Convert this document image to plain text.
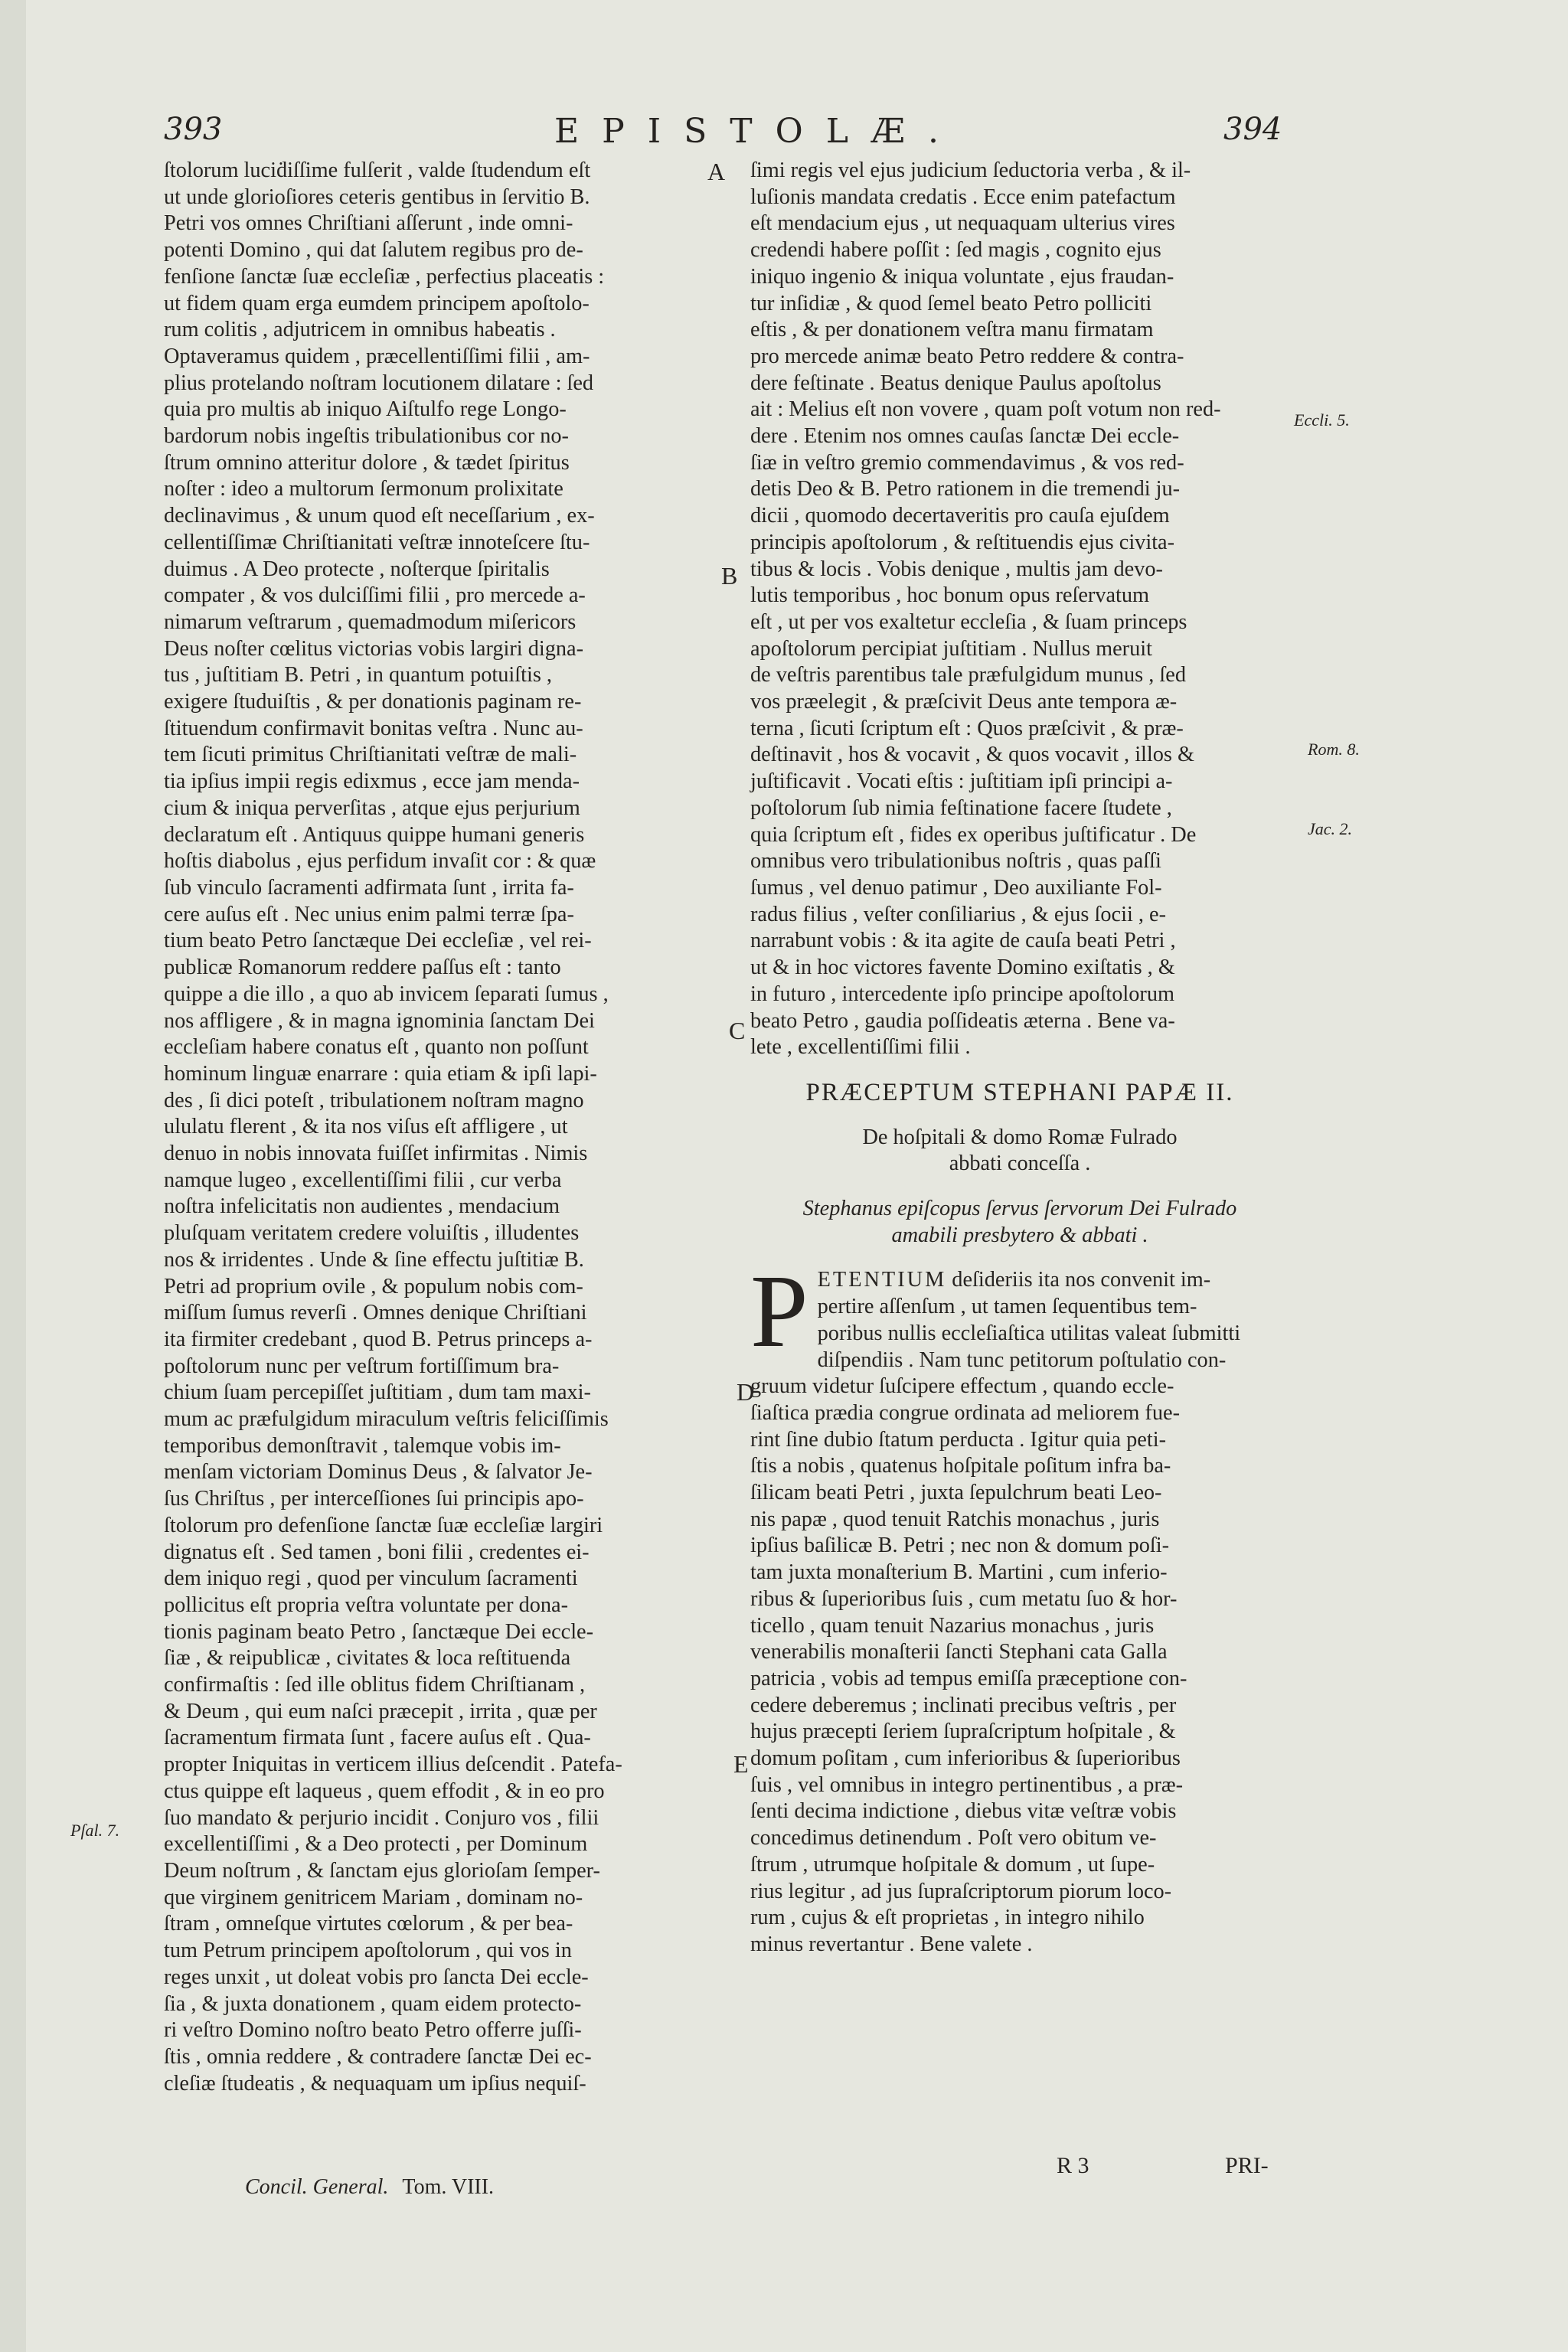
393	EPISTOLÆ.	394

ſtolorum luciḋiſſime fulſerit , valde ſtudendum eſt

ut unde glorioſiores ceteris gentibus in ſervitio B.

Petri vos omnes Chriſtiani aſſerunt , inde omni-

potenti Domino , qui dat ſalutem regibus pro de-

fenſione ſanctæ ſuæ eccleſiæ , perfectius placeatis :

ut fidem quam erga eumdem principem apoſtolo-

rum colitis , adjutricem in omnibus habeatis .

Optaveramus quidem , præcellentiſſimi filii , am-

plius protelando noſtram locutionem dilatare : ſed

quia pro multis ab iniquo Aiſtulfo rege Longo-

bardorum nobis ingeſtis tribulationibus cor no-

ſtrum omnino atteritur dolore , & tædet ſpiritus

noſter : ideo a multorum ſermonum prolixitate

declinavimus , & unum quod eſt neceſſarium , ex-

cellentiſſimæ Chriſtianitati veſtræ innoteſcere ſtu-

duimus . A Deo protecte , noſterque ſpiritalis

compater , & vos dulciſſimi filii , pro mercede a-

nimarum veſtrarum , quemadmodum miſericors

Deus noſter cœlitus victorias vobis largiri digna-

tus , juſtitiam B. Petri , in quantum potuiſtis ,

exigere ſtuduiſtis , & per donationis paginam re-

ſtituendum confirmavit bonitas veſtra . Nunc au-

tem ſicuti primitus Chriſtianitati veſtræ de mali-

tia ipſius impii regis edixmus , ecce jam menda-

cium & iniqua perverſitas , atque ejus perjurium

declaratum eſt . Antiquus quippe humani generis

hoſtis diabolus , ejus perfidum invaſit cor : & quæ

ſub vinculo ſacramenti adfirmata ſunt , irrita fa-

cere auſus eſt . Nec unius enim palmi terræ ſpa-

tium beato Petro ſanctæque Dei eccleſiæ , vel rei-

publicæ Romanorum reddere paſſus eſt : tanto

quippe a die illo , a quo ab invicem ſeparati ſumus ,

nos affligere , & in magna ignominia ſanctam Dei

eccleſiam habere conatus eſt , quanto non poſſunt

hominum linguæ enarrare : quia etiam & ipſi lapi-

des , ſi dici poteſt , tribulationem noſtram magno

ululatu flerent , & ita nos viſus eſt affligere , ut

denuo in nobis innovata fuiſſet infirmitas . Nimis

namque lugeo , excellentiſſimi filii , cur verba

noſtra infelicitatis non audientes , mendacium

pluſquam veritatem credere voluiſtis , illudentes

nos & irridentes . Unde & ſine effectu juſtitiæ B.

Petri ad proprium ovile , & populum nobis com-

miſſum ſumus reverſi . Omnes denique Chriſtiani

ita firmiter credebant , quod B. Petrus princeps a-

poſtolorum nunc per veſtrum fortiſſimum bra-

chium ſuam percepiſſet juſtitiam , dum tam maxi-

mum ac præfulgidum miraculum veſtris feliciſſimis

temporibus demonſtravit , talemque vobis im-

menſam victoriam Dominus Deus , & ſalvator Je-

ſus Chriſtus , per interceſſiones ſui principis apo-

ſtolorum pro defenſione ſanctæ ſuæ eccleſiæ largiri

dignatus eſt . Sed tamen , boni filii , credentes ei-

dem iniquo regi , quod per vinculum ſacramenti

pollicitus eſt propria veſtra voluntate per dona-

tionis paginam beato Petro , ſanctæque Dei eccle-

ſiæ , & reipublicæ , civitates & loca reſtituenda

confirmaſtis : ſed ille oblitus fidem Chriſtianam ,

& Deum , qui eum naſci præcepit , irrita , quæ per

ſacramentum firmata ſunt , facere auſus eſt . Qua-

propter Iniquitas in verticem illius deſcendit . Patefa-

ctus quippe eſt laqueus , quem effodit , & in eo pro

ſuo mandato & perjurio incidit . Conjuro vos , filii

excellentiſſimi , & a Deo protecti , per Dominum

Deum noſtrum , & ſanctam ejus glorioſam ſemper-

que virginem genitricem Mariam , dominam no-

ſtram , omneſque virtutes cœlorum , & per bea-

tum Petrum principem apoſtolorum , qui vos in

reges unxit , ut doleat vobis pro ſancta Dei eccle-

ſia , & juxta donationem , quam eidem protecto-

ri veſtro Domino noſtro beato Petro offerre juſſi-

ſtis , omnia reddere , & contradere ſanctæ Dei ec-

cleſiæ ſtudeatis , & nequaquam um ipſius nequiſ-

ſimi regis vel ejus judicium ſeductoria verba , & il-

luſionis mandata credatis . Ecce enim patefactum

eſt mendacium ejus , ut nequaquam ulterius vires

credendi habere poſſit : ſed magis , cognito ejus

iniquo ingenio & iniqua voluntate , ejus fraudan-

tur inſidiæ , & quod ſemel beato Petro polliciti

eſtis , & per donationem veſtra manu firmatam

pro mercede animæ beato Petro reddere & contra-

dere feſtinate . Beatus denique Paulus apoſtolus

ait : Melius eſt non vovere , quam poſt votum non red-

dere . Etenim nos omnes cauſas ſanctæ Dei eccle-

ſiæ in veſtro gremio commendavimus , & vos red-

detis Deo & B. Petro rationem in die tremendi ju-

dicii , quomodo decertaveritis pro cauſa ejuſdem

principis apoſtolorum , & reſtituendis ejus civita-

tibus & locis . Vobis denique , multis jam devo-

lutis temporibus , hoc bonum opus reſervatum

eſt , ut per vos exaltetur eccleſia , & ſuam princeps

apoſtolorum percipiat juſtitiam . Nullus meruit

de veſtris parentibus tale præfulgidum munus , ſed

vos præelegit , & præſcivit Deus ante tempora æ-

terna , ſicuti ſcriptum eſt : Quos præſcivit , & præ-

deſtinavit , hos & vocavit , & quos vocavit , illos &

juſtificavit . Vocati eſtis : juſtitiam ipſi principi a-

poſtolorum ſub nimia feſtinatione facere ſtudete ,

quia ſcriptum eſt , fides ex operibus juſtificatur . De

omnibus vero tribulationibus noſtris , quas paſſi

ſumus , vel denuo patimur , Deo auxiliante Fol-

radus filius , veſter conſiliarius , & ejus ſocii , e-

narrabunt vobis : & ita agite de cauſa beati Petri ,

ut & in hoc victores favente Domino exiſtatis , &

in futuro , intercedente ipſo principe apoſtolorum

beato Petro , gaudia poſſideatis æterna . Bene va-

lete , excellentiſſimi filii .

PRÆCEPTUM STEPHANI PAPÆ II.

De hoſpitali & domo Romæ Fulrado

abbati conceſſa .

Stephanus epiſcopus ſervus ſervorum Dei Fulrado

amabili presbytero & abbati .

P ETENTIUM deſideriis ita nos convenit im-

pertire aſſenſum , ut tamen ſequentibus tem-

poribus nullis eccleſiaſtica utilitas valeat ſubmitti

diſpendiis . Nam tunc petitorum poſtulatio con-

gruum videtur ſuſcipere effectum , quando eccle-

ſiaſtica prædia congrue ordinata ad meliorem fue-

rint ſine dubio ſtatum perducta . Igitur quia peti-

ſtis a nobis , quatenus hoſpitale poſitum infra ba-

ſilicam beati Petri , juxta ſepulchrum beati Leo-

nis papæ , quod tenuit Ratchis monachus , juris

ipſius baſilicæ B. Petri ; nec non & domum poſi-

tam juxta monaſterium B. Martini , cum inferio-

ribus & ſuperioribus ſuis , cum metatu ſuo & hor-

ticello , quam tenuit Nazarius monachus , juris

venerabilis monaſterii ſancti Stephani cata Galla

patricia , vobis ad tempus emiſſa præceptione con-

cedere deberemus ; inclinati precibus veſtris , per

hujus præcepti ſeriem ſupraſcriptum hoſpitale , &

domum poſitam , cum inferioribus & ſuperioribus

ſuis , vel omnibus in integro pertinentibus , a præ-

ſenti decima indictione , diebus vitæ veſtræ vobis

concedimus detinendum . Poſt vero obitum ve-

ſtrum , utrumque hoſpitale & domum , ut ſupe-

rius legitur , ad jus ſupraſcriptorum piorum loco-

rum , cujus & eſt proprietas , in integro nihilo

minus revertantur . Bene valete .

A
B
C
D
E
Eccli. 5.
Rom. 8.
Jac. 2.
Pſal. 7.
Concil. General. Tom. VIII.
R 3	PRI-
